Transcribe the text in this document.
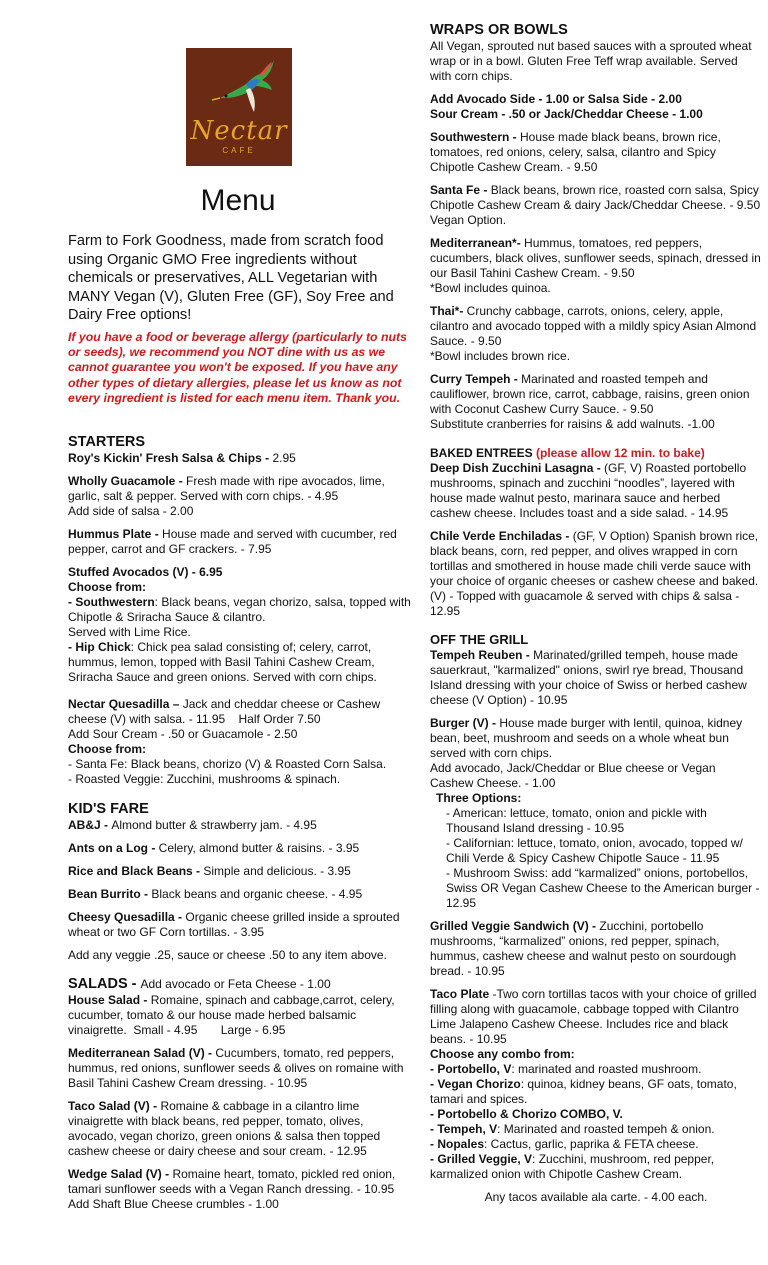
Nectar
CAFE
Menu
Farm to Fork Goodness, made from scratch food using Organic GMO Free ingredients without chemicals or preservatives, ALL Vegetarian with MANY Vegan (V), Gluten Free (GF), Soy Free and Dairy Free options!
If you have a food or beverage allergy (particularly to nuts or seeds), we recommend you NOT dine with us as we cannot guarantee you won't be exposed. If you have any other types of dietary allergies, please let us know as not every ingredient is listed for each menu item. Thank you.
STARTERS
Roy's Kickin' Fresh Salsa & Chips - 2.95
Wholly Guacamole - Fresh made with ripe avocados, lime, garlic, salt & pepper. Served with corn chips. - 4.95
Add side of salsa - 2.00
Hummus Plate - House made and served with cucumber, red pepper, carrot and GF crackers. - 7.95
Stuffed Avocados (V) - 6.95
Choose from:
- Southwestern: Black beans, vegan chorizo, salsa, topped with Chipotle & Sriracha Sauce & cilantro.
Served with Lime Rice.
- Hip Chick: Chick pea salad consisting of; celery, carrot, hummus, lemon, topped with Basil Tahini Cashew Cream, Sriracha Sauce and green onions. Served with corn chips.
Nectar Quesadilla – Jack and cheddar cheese or Cashew cheese (V) with salsa. - 11.95    Half Order 7.50
Add Sour Cream - .50 or Guacamole - 2.50
Choose from:
- Santa Fe: Black beans, chorizo (V) & Roasted Corn Salsa.
- Roasted Veggie: Zucchini, mushrooms & spinach.
KID'S FARE
AB&J - Almond butter & strawberry jam. - 4.95
Ants on a Log - Celery, almond butter & raisins. - 3.95
Rice and Black Beans - Simple and delicious. - 3.95
Bean Burrito - Black beans and organic cheese. - 4.95
Cheesy Quesadilla - Organic cheese grilled inside a sprouted wheat or two GF Corn tortillas. - 3.95
Add any veggie .25, sauce or cheese .50 to any item above.
SALADS - Add avocado or Feta Cheese - 1.00
House Salad - Romaine, spinach and cabbage,carrot, celery, cucumber, tomato & our house made herbed balsamic vinaigrette.  Small - 4.95       Large - 6.95
Mediterranean Salad (V) - Cucumbers, tomato, red peppers, hummus, red onions, sunflower seeds & olives on romaine with Basil Tahini Cashew Cream dressing. - 10.95
Taco Salad (V) - Romaine & cabbage in a cilantro lime vinaigrette with black beans, red pepper, tomato, olives, avocado, vegan chorizo, green onions & salsa then topped cashew cheese or dairy cheese and sour cream. - 12.95
Wedge Salad (V) - Romaine heart, tomato, pickled red onion, tamari sunflower seeds with a Vegan Ranch dressing. - 10.95
Add Shaft Blue Cheese crumbles - 1.00
WRAPS OR BOWLS
All Vegan, sprouted nut based sauces with a sprouted wheat wrap or in a bowl. Gluten Free Teff wrap available. Served with corn chips.
Add Avocado Side - 1.00 or Salsa Side - 2.00
Sour Cream - .50 or Jack/Cheddar Cheese - 1.00
Southwestern - House made black beans, brown rice, tomatoes, red onions, celery, salsa, cilantro and Spicy Chipotle Cashew Cream. - 9.50
Santa Fe - Black beans, brown rice, roasted corn salsa, Spicy Chipotle Cashew Cream & dairy Jack/Cheddar Cheese. - 9.50 Vegan Option.
Mediterranean*- Hummus, tomatoes, red peppers, cucumbers, black olives, sunflower seeds, spinach, dressed in our Basil Tahini Cashew Cream. - 9.50
*Bowl includes quinoa.
Thai*- Crunchy cabbage, carrots, onions, celery, apple, cilantro and avocado topped with a mildly spicy Asian Almond Sauce. - 9.50
*Bowl includes brown rice.
Curry Tempeh - Marinated and roasted tempeh and cauliflower, brown rice, carrot, cabbage, raisins, green onion with Coconut Cashew Curry Sauce. - 9.50
Substitute cranberries for raisins & add walnuts. -1.00
BAKED ENTREES (please allow 12 min. to bake)
Deep Dish Zucchini Lasagna - (GF, V) Roasted portobello mushrooms, spinach and zucchini “noodles”, layered with house made walnut pesto, marinara sauce and herbed cashew cheese. Includes toast and a side salad. - 14.95
Chile Verde Enchiladas - (GF, V Option) Spanish brown rice, black beans, corn, red pepper, and olives wrapped in corn tortillas and smothered in house made chili verde sauce with your choice of organic cheeses or cashew cheese and baked. (V) - Topped with guacamole & served with chips & salsa - 12.95
OFF THE GRILL
Tempeh Reuben - Marinated/grilled tempeh, house made sauerkraut, "karmalized" onions, swirl rye bread, Thousand Island dressing with your choice of Swiss or herbed cashew cheese (V Option) - 10.95
Burger (V) - House made burger with lentil, quinoa, kidney bean, beet, mushroom and seeds on a whole wheat bun served with corn chips.
Add avocado, Jack/Cheddar or Blue cheese or Vegan Cashew Cheese. - 1.00
Three Options:
- American: lettuce, tomato, onion and pickle with Thousand Island dressing - 10.95
- Californian: lettuce, tomato, onion, avocado, topped w/ Chili Verde & Spicy Cashew Chipotle Sauce - 11.95
- Mushroom Swiss: add “karmalized” onions, portobellos, Swiss OR Vegan Cashew Cheese to the American burger - 12.95
Grilled Veggie Sandwich (V) - Zucchini, portobello mushrooms, “karmalized” onions, red pepper, spinach, hummus, cashew cheese and walnut pesto on sourdough bread. - 10.95
Taco Plate -Two corn tortillas tacos with your choice of grilled filling along with guacamole, cabbage topped with Cilantro Lime Jalapeno Cashew Cheese. Includes rice and black beans. - 10.95
Choose any combo from:
- Portobello, V: marinated and roasted mushroom.
- Vegan Chorizo: quinoa, kidney beans, GF oats, tomato, tamari and spices.
- Portobello & Chorizo COMBO, V.
- Tempeh, V: Marinated and roasted tempeh & onion.
- Nopales: Cactus, garlic, paprika & FETA cheese.
- Grilled Veggie, V: Zucchini, mushroom, red pepper, karmalized onion with Chipotle Cashew Cream.
Any tacos available ala carte. - 4.00 each.
